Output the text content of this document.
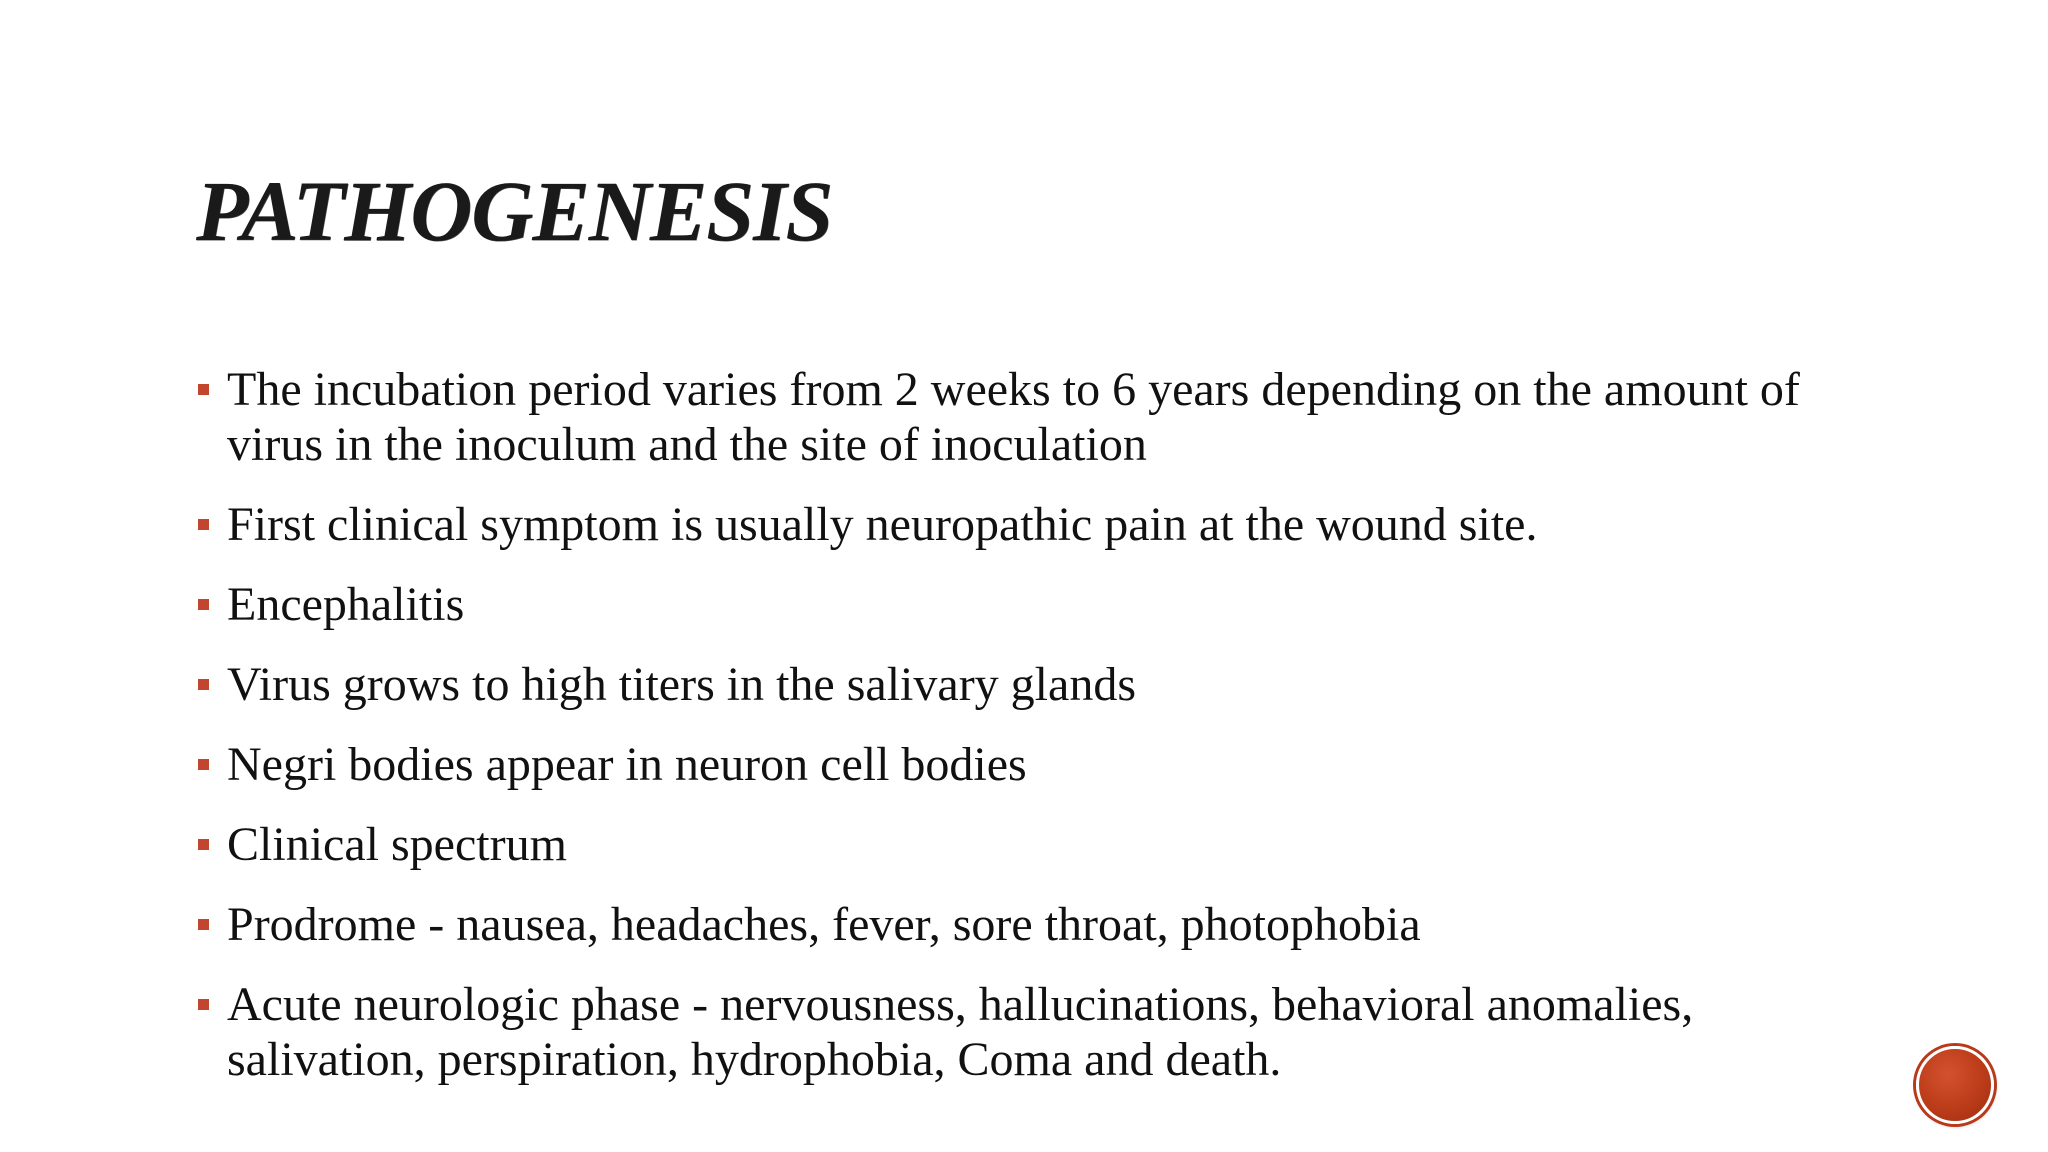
PATHOGENESIS
The incubation period varies from 2 weeks to 6 years depending on the amount of virus in the inoculum and the site of inoculation
First clinical symptom is usually neuropathic pain at the wound site.
Encephalitis
Virus grows to high titers in the salivary glands
Negri bodies appear in neuron cell bodies
Clinical spectrum
Prodrome - nausea, headaches, fever, sore throat, photophobia
Acute neurologic phase - nervousness, hallucinations, behavioral anomalies, salivation, perspiration, hydrophobia, Coma and death.
